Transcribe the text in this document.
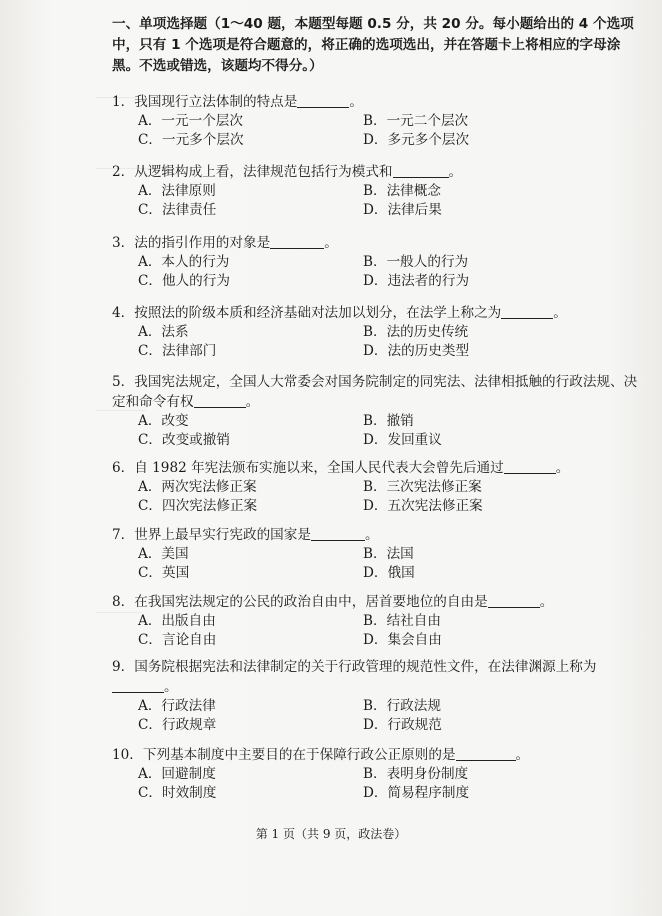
一、单项选择题（1～40 题，本题型每题 0.5 分，共 20 分。每小题给出的 4 个选项中，只有 1 个选项是符合题意的，将正确的选项选出，并在答题卡上将相应的字母涂黑。不选或错选，该题均不得分。）
1．我国现行立法体制的特点是	。
A．一元一个层次	B．一元二个层次
C．一元多个层次	D．多元多个层次
2．从逻辑构成上看，法律规范包括行为模式和	。
A．法律原则	B．法律概念
C．法律责任	D．法律后果
3．法的指引作用的对象是	。
A．本人的行为	B．一般人的行为
C．他人的行为	D．违法者的行为
4．按照法的阶级本质和经济基础对法加以划分，在法学上称之为	。
A．法系	B．法的历史传统
C．法律部门	D．法的历史类型
5．我国宪法规定，全国人大常委会对国务院制定的同宪法、法律相抵触的行政法规、决定和命令有权	。
A．改变	B．撤销
C．改变或撤销	D．发回重议
6．自 1982 年宪法颁布实施以来，全国人民代表大会曾先后通过	。
A．两次宪法修正案	B．三次宪法修正案
C．四次宪法修正案	D．五次宪法修正案
7．世界上最早实行宪政的国家是	。
A．美国	B．法国
C．英国	D．俄国
8．在我国宪法规定的公民的政治自由中，居首要地位的自由是	。
A．出版自由	B．结社自由
C．言论自由	D．集会自由
9．国务院根据宪法和法律制定的关于行政管理的规范性文件，在法律渊源上称为。
A．行政法律	B．行政法规
C．行政规章	D．行政规范
10．下列基本制度中主要目的在于保障行政公正原则的是	。
A．回避制度	B．表明身份制度
C．时效制度	D．简易程序制度
第 1 页（共 9 页，政法卷）
